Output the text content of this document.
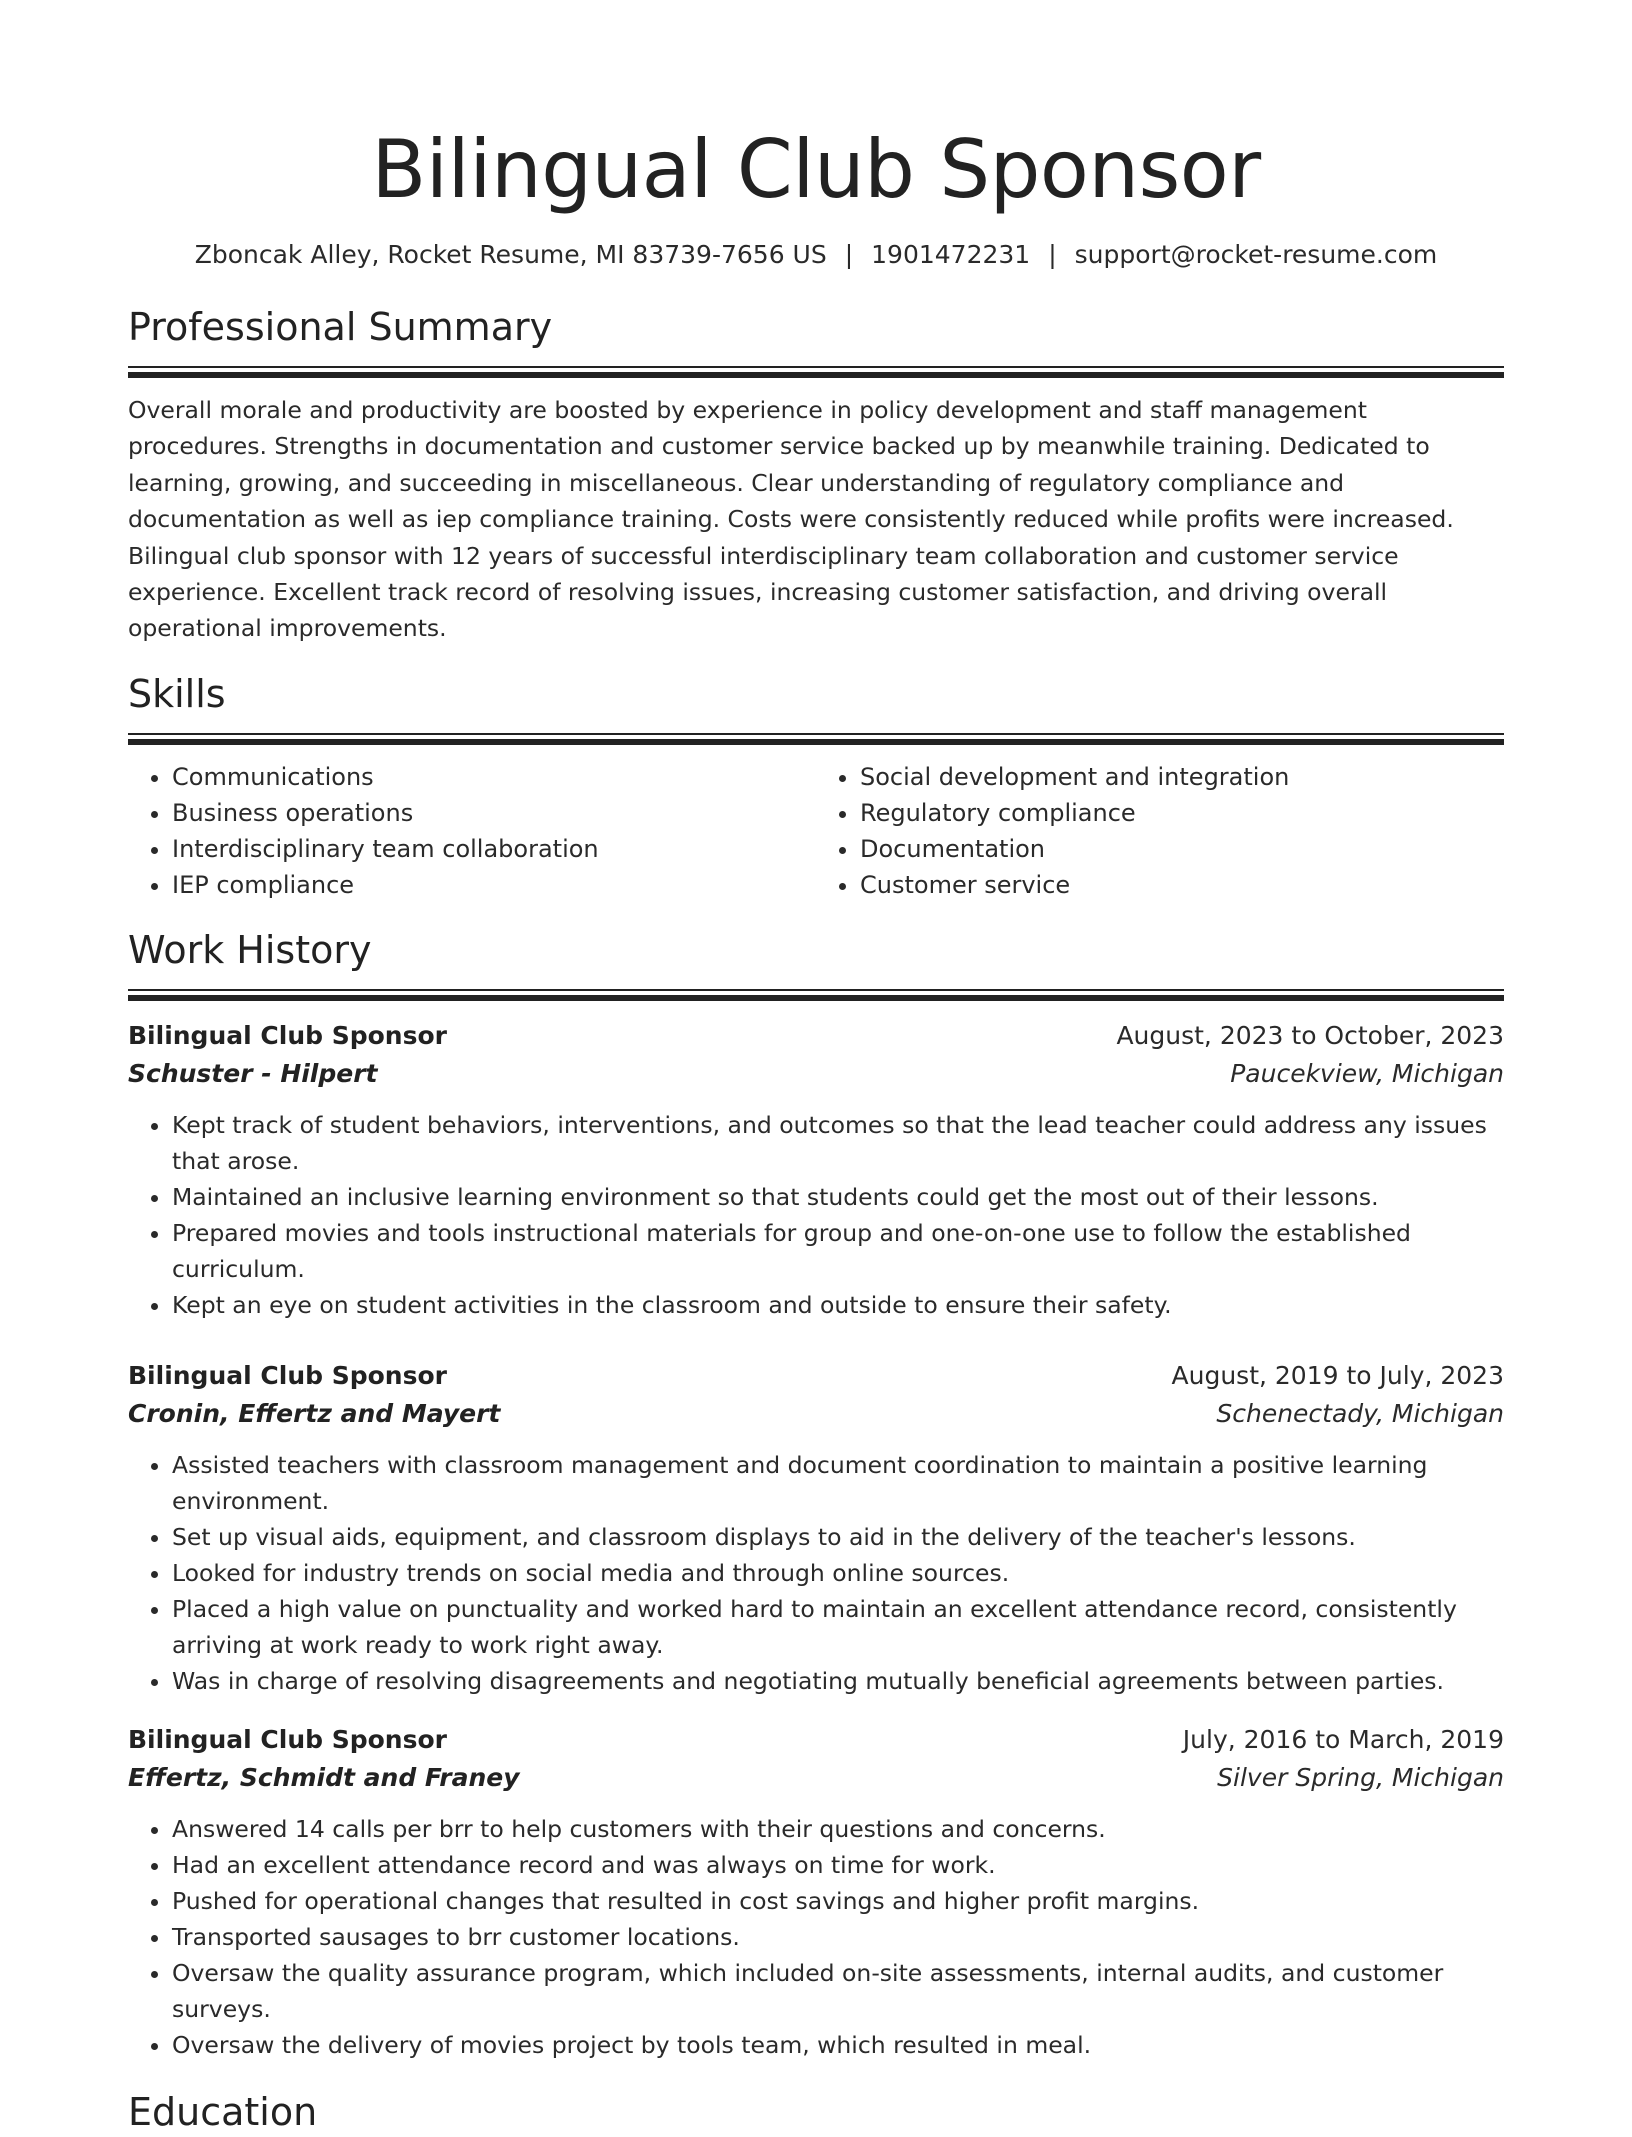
Bilingual Club Sponsor
Zboncak Alley, Rocket Resume, MI 83739-7656 US | 1901472231 | support@rocket-resume.com
Professional Summary

Overall morale and productivity are boosted by experience in policy development and staff management procedures. Strengths in documentation and customer service backed up by meanwhile training. Dedicated to learning, growing, and succeeding in miscellaneous. Clear understanding of regulatory compliance and documentation as well as iep compliance training. Costs were consistently reduced while profits were increased. Bilingual club sponsor with 12 years of successful interdisciplinary team collaboration and customer service experience. Excellent track record of resolving issues, increasing customer satisfaction, and driving overall operational improvements.

Skills
• Communications
• Business operations
• Interdisciplinary team collaboration
• IEP compliance
• Social development and integration
• Regulatory compliance
• Documentation
• Customer service
Work History
Bilingual Club Sponsor	August, 2023 to October, 2023
Schuster - Hilpert	Paucekview, Michigan
• Kept track of student behaviors, interventions, and outcomes so that the lead teacher could address any issues that arose.
• Maintained an inclusive learning environment so that students could get the most out of their lessons.
• Prepared movies and tools instructional materials for group and one-on-one use to follow the established curriculum.
• Kept an eye on student activities in the classroom and outside to ensure their safety.
Bilingual Club Sponsor	August, 2019 to July, 2023
Cronin, Effertz and Mayert	Schenectady, Michigan
• Assisted teachers with classroom management and document coordination to maintain a positive learning environment.
• Set up visual aids, equipment, and classroom displays to aid in the delivery of the teacher's lessons.
• Looked for industry trends on social media and through online sources.
• Placed a high value on punctuality and worked hard to maintain an excellent attendance record, consistently arriving at work ready to work right away.
• Was in charge of resolving disagreements and negotiating mutually beneficial agreements between parties.
Bilingual Club Sponsor	July, 2016 to March, 2019
Effertz, Schmidt and Franey	Silver Spring, Michigan
• Answered 14 calls per brr to help customers with their questions and concerns.
• Had an excellent attendance record and was always on time for work.
• Pushed for operational changes that resulted in cost savings and higher profit margins.
• Transported sausages to brr customer locations.
• Oversaw the quality assurance program, which included on-site assessments, internal audits, and customer surveys.
• Oversaw the delivery of movies project by tools team, which resulted in meal.
Education
